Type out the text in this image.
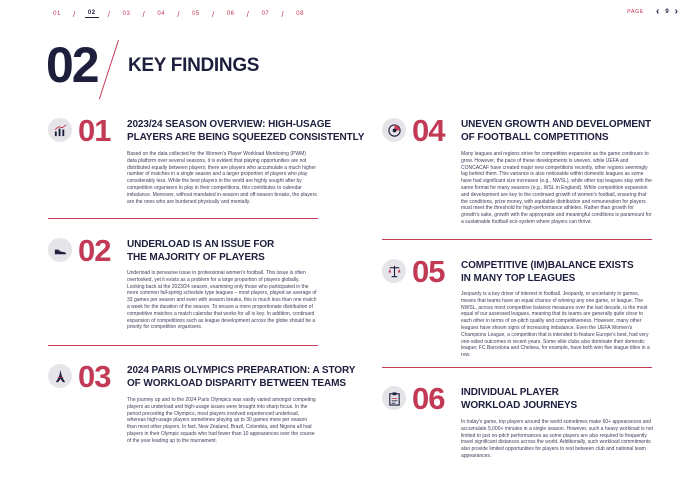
01	/	02	/	03	/	04	/	05	/	06	/	07	/	08	PAGE ‹ 9 ›
02 KEY FINDINGS
01 2023/24 SEASON OVERVIEW: HIGH-USAGE
PLAYERS ARE BEING SQUEEZED CONSISTENTLY
Based on the data collected for the Women's Player Workload Monitoring (PWM) data platform over several seasons, it is evident that playing opportunities are not distributed equally between players; there are players who accumulate a much higher number of matches in a single season and a larger proportion of players who play considerably less. While the best players in the world are highly sought after by competition organisers to play in their competitions, this contributes to calendar imbalance. Moreover, without mandated in-season and off-season breaks, the players are the ones who are burdened physically and mentally.
02 UNDERLOAD IS AN ISSUE FOR
THE MAJORITY OF PLAYERS
Underload is pervasive issue in professional women's football. This issue is often overlooked, yet it exists as a problem for a large proportion of players globally. Looking back at the 2023/24 season, examining only those who participated in the more common fall-spring schedule type leagues – most players, played an average of 33 games per season and even with season breaks, this is much less than one match a week for the duration of the season. To ensure a more proportionate distribution of competitive matches a match calendar that works for all is key. In addition, continued expansion of competitions such as league development across the globe should be a priority for competition organisers.
03 2024 PARIS OLYMPICS PREPARATION: A STORY
OF WORKLOAD DISPARITY BETWEEN TEAMS
The journey up and to the 2024 Paris Olympics was vastly varied amongst competing players as underload and high-usage issues were brought into sharp focus. In the period preceding the Olympics, most players involved experienced underload, whereas high-usage players sometimes playing up to 30 games more per season than most other players. In fact, New Zealand, Brazil, Colombia, and Nigeria all had players in their Olympic squads who had fewer than 10 appearances over the course of the year leading up to the tournament.
04 UNEVEN GROWTH AND DEVELOPMENT
OF FOOTBALL COMPETITIONS
Many leagues and regions strive for competition expansion as the game continues to grow. However, the pace of these developments is uneven, while UEFA and CONCACAF have created major new competitions recently, other regions seemingly lag behind them. This variance is also noticeable within domestic leagues as some have had significant size increases (e.g., NWSL), while other top leagues stay with the same format for many seasons (e.g., WSL in England). While competition expansion and development are key to the continued growth of women's football, ensuring that the conditions, prize money, with equitable distribution and remuneration for players must meet the threshold for high-performance athletes. Rather than growth for growth's sake, growth with the appropriate and meaningful conditions is paramount for a sustainable football eco-system where players can thrive.
05 COMPETITIVE (IM)BALANCE EXISTS
IN MANY TOP LEAGUES
Jeopardy is a key driver of interest in football. Jeopardy, or uncertainty in games, means that teams have an equal chance of winning any one game, or league. The NWSL, across most competitive balance measures over the last decade, is the most equal of our assessed leagues, meaning that its teams are generally quite close to each other in terms of on-pitch quality and competitiveness. However, many other leagues have shown signs of increasing imbalance. Even the UEFA Women's Champions League, a competition that is intended to feature Europe's best, had very one-sided outcomes in recent years. Some elite clubs also dominate their domestic league; FC Barcelona and Chelsea, for example, have both won five league titles in a row.
06 INDIVIDUAL PLAYER
WORKLOAD JOURNEYS
In today's game, top players around the world sometimes make 60+ appearances and accumulate 5,000+ minutes in a single season. However, such a heavy workload is not limited to just on-pitch performances as some players are also required to frequently travel significant distances across the world. Additionally, such workload commitments also provide limited opportunities for players to rest between club and national team appearances.
